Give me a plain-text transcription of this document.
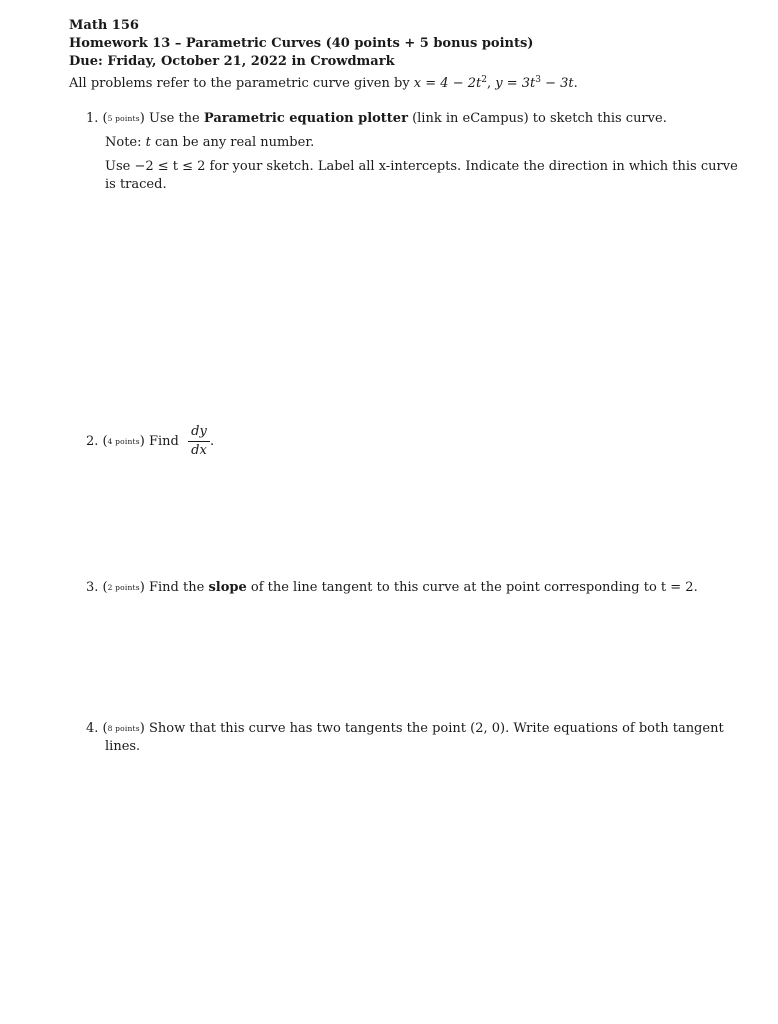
Math 156
Homework 13 – Parametric Curves (40 points + 5 bonus points)
Due: Friday, October 21, 2022 in Crowdmark
All problems refer to the parametric curve given by $x = 4 - 2t^2$, $y = 3t^3 - 3t$.
1. (5 points) Use the Parametric equation plotter (link in eCampus) to sketch this curve.
Note: t can be any real number.
Use −2 ≤ t ≤ 2 for your sketch. Label all x-intercepts. Indicate the direction in which this curve
is traced.
2. (4 points) Find
dy
dx
.
3. (2 points) Find the slope of the line tangent to this curve at the point corresponding to t = 2.
4. (8 points) Show that this curve has two tangents the point (2, 0). Write equations of both tangent
lines.
